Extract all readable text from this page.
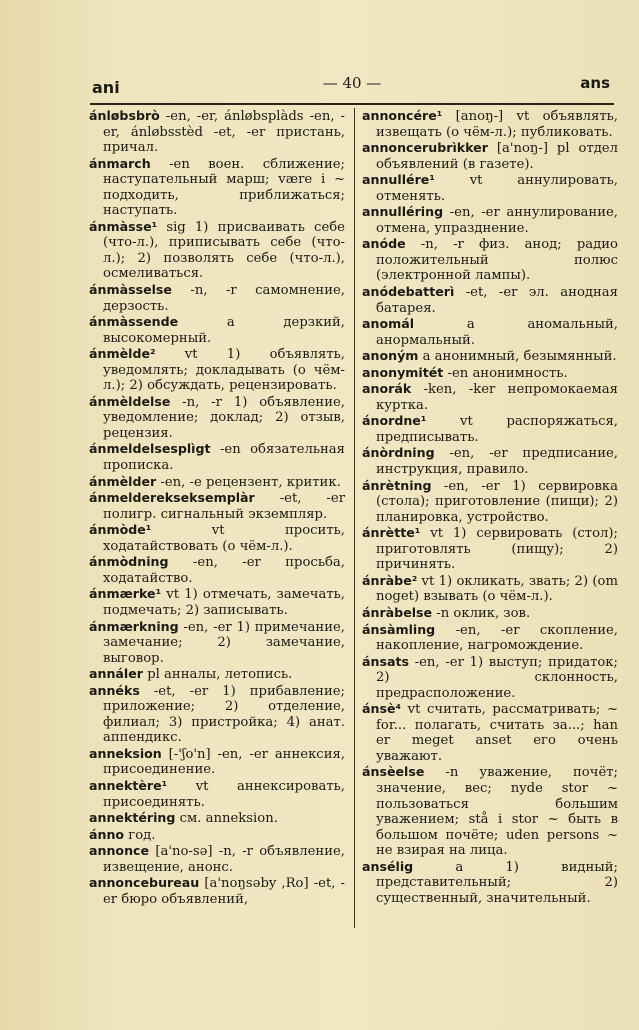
ani	— 40 —	ans

ánløbsbrò -en, -er, ánløbsplàds -en, -er, ánløbsstèd -et, -er пристань, причал.

ánmarch -en воен. сближение; наступательный марш; være i ~ подходить, приближаться; наступать.

ánmàsse¹ sig 1) присваивать себе (что-л.), приписывать себе (что-л.); 2) позволять себе (что-л.), осмеливаться.

ánmàsselse -n, -r самомнение, дерзость.

ánmàssende a дерзкий, высокомерный.

ánmèlde² vt 1) объявлять, уведомлять; докладывать (о чём-л.); 2) обсуждать, рецензировать.

ánmèldelse -n, -r 1) объявление, уведомление; доклад; 2) отзыв, рецензия.

ánmeldelsesplìgt -en обязательная прописка.

ánmèlder -en, -e рецензент, критик.

ánmelderekseksemplàr -et, -er полигр. сигнальный экземпляр.

ánmòde¹ vt просить, ходатайствовать (о чём-л.).

ánmòdning -en, -er просьба, ходатайство.

ánmærke¹ vt 1) отмечать, замечать, подмечать; 2) записывать.

ánmærkning -en, -er 1) примечание, замечание; 2) замечание, выговор.

annáler pl анналы, летопись.

annéks -et, -er 1) прибавление; приложение; 2) отделение, филиал; 3) пристройка; 4) анат. аппендикс.

anneksion [-'ʃo'n] -en, -er аннексия, присоединение.

annektère¹ vt аннексировать, присоединять.

annektéring см. anneksion.

ánno год.

annonce [a'no-sə] -n, -r объявление, извещение, анонс.

annoncebureau [a'noŋsəby ,Ro] -et, -er бюро объявлений,

annoncére¹ [anoŋ-] vt объявлять, извещать (о чём-л.); публиковать.

annoncerubrìkker [a'noŋ-] pl отдел объявлений (в газете).

annullére¹ vt аннулировать, отменять.

annulléring -en, -er аннулирование, отмена, упразднение.

anóde -n, -r физ. анод; радио положительный полюс (электронной лампы).

anódebatterì -et, -er эл. анодная батарея.

anomál a аномальный, анормальный.

anoným a анонимный, безымянный.

anonymitét -en анонимность.

anorák -ken, -ker непромокаемая куртка.

ánordne¹ vt распоряжаться, предписывать.

ánòrdning -en, -er предписание, инструкция, правило.

ánrètning -en, -er 1) сервировка (стола); приготовление (пищи); 2) планировка, устройство.

ánrètte¹ vt 1) сервировать (стол); приготовлять (пищу); 2) причинять.

ánràbe² vt 1) окликать, звать; 2) (om noget) взывать (о чём-л.).

ánràbelse -n оклик, зов.

ánsàmling -en, -er скопление, накопление, нагромождение.

ánsats -en, -er 1) выступ; придаток; 2) склонность, предрасположение.

ánsè⁴ vt считать, рассматривать; ~ for... полагать, считать за...; han er meget anset его очень уважают.

ánsèelse -n уважение, почёт; значение, вес; nyde stor ~ пользоваться большим уважением; stå i stor ~ быть в большом почёте; uden persons ~ не взирая на лица.

ansélig a 1) видный; представительный; 2) существенный, значительный.
